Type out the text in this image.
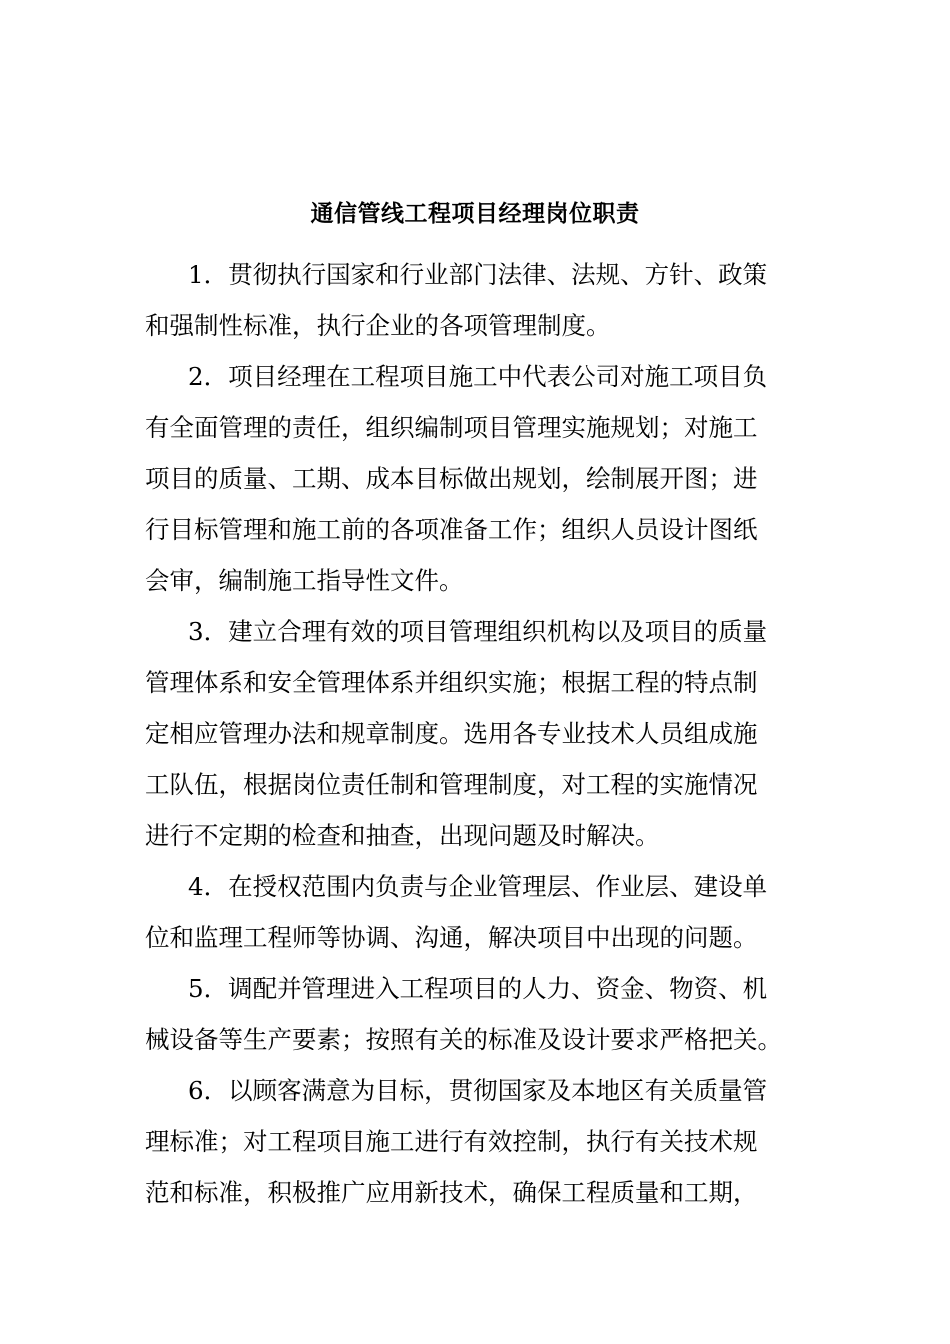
通信管线工程项目经理岗位职责
1．贯彻执行国家和行业部门法律、法规、方针、政策
和强制性标准，执行企业的各项管理制度。
2．项目经理在工程项目施工中代表公司对施工项目负
有全面管理的责任，组织编制项目管理实施规划；对施工
项目的质量、工期、成本目标做出规划，绘制展开图；进
行目标管理和施工前的各项准备工作；组织人员设计图纸
会审，编制施工指导性文件。
3．建立合理有效的项目管理组织机构以及项目的质量
管理体系和安全管理体系并组织实施；根据工程的特点制
定相应管理办法和规章制度。选用各专业技术人员组成施
工队伍，根据岗位责任制和管理制度，对工程的实施情况
进行不定期的检查和抽查，出现问题及时解决。
4．在授权范围内负责与企业管理层、作业层、建设单
位和监理工程师等协调、沟通，解决项目中出现的问题。
5．调配并管理进入工程项目的人力、资金、物资、机
械设备等生产要素；按照有关的标准及设计要求严格把关。
6．以顾客满意为目标，贯彻国家及本地区有关质量管
理标准；对工程项目施工进行有效控制，执行有关技术规
范和标准，积极推广应用新技术，确保工程质量和工期，
